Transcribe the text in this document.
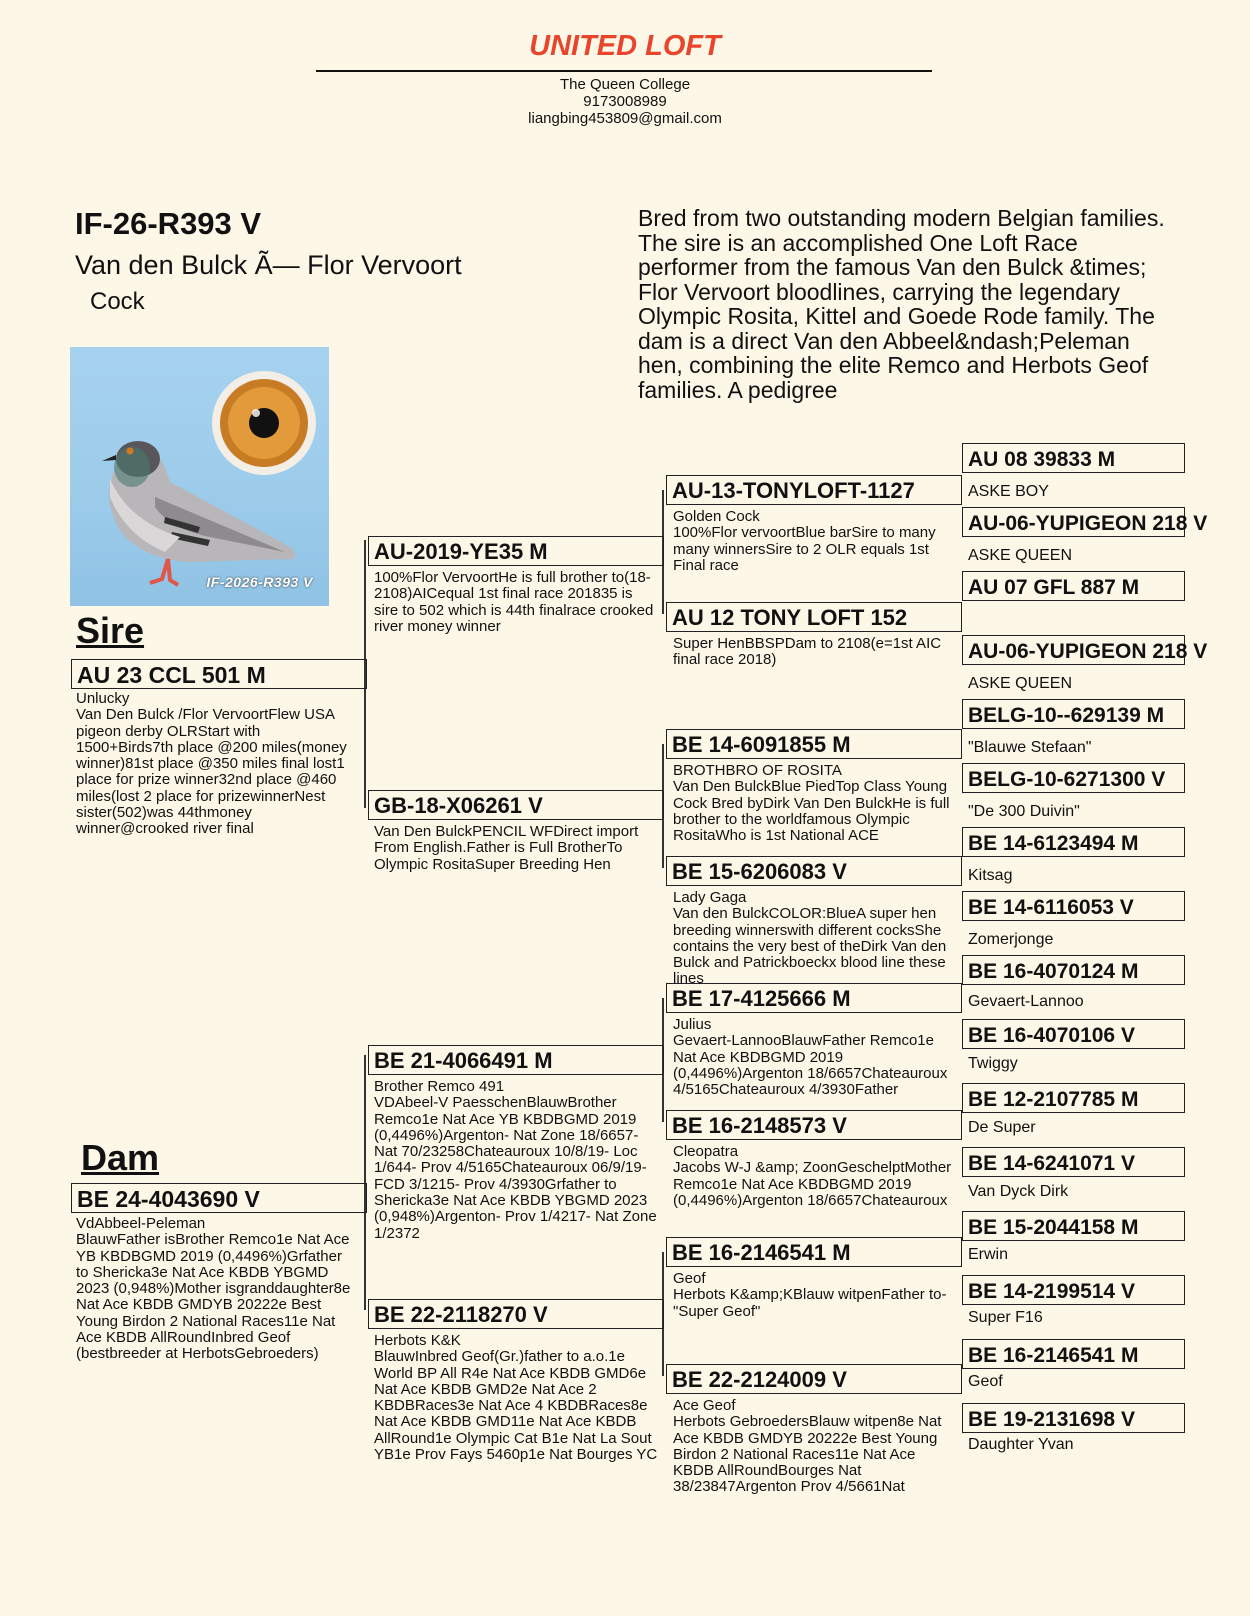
UNITED LOFT
The Queen College
9173008989
liangbing453809@gmail.com
IF-26-R393 V
Van den Bulck Ã— Flor Vervoort
Cock
Bred from two outstanding modern Belgian families. The sire is an accomplished One Loft Race performer from the famous Van den Bulck &times; Flor Vervoort bloodlines, carrying the legendary Olympic Rosita, Kittel and Goede Rode family. The dam is a direct Van den Abbeel&ndash;Peleman hen, combining the elite Remco and Herbots Geof families. A pedigree
IF-2026-R393 V
Sire
Dam
AU 23 CCL 501 M
Unlucky
Van Den Bulck /Flor VervoortFlew USA pigeon derby OLRStart with 1500+Birds7th place @200 miles(money winner)81st place @350 miles final lost1 place for prize winner32nd place @460 miles(lost 2 place for prizewinnerNest sister(502)was 44thmoney winner@crooked river final
BE 24-4043690 V
VdAbbeel-Peleman
BlauwFather isBrother Remco1e Nat Ace YB KBDBGMD 2019 (0,4496%)Grfather to Shericka3e Nat Ace KBDB YBGMD 2023 (0,948%)Mother isgranddaughter8e Nat Ace KBDB GMDYB 20222e Best Young Birdon 2 National Races11e Nat Ace KBDB AllRoundInbred Geof (bestbreeder at HerbotsGebroeders)
AU-2019-YE35 M
100%Flor VervoortHe is full brother to(18-2108)AICequal 1st final race 201835 is sire to 502 which is 44th finalrace crooked river money winner
GB-18-X06261 V
Van Den BulckPENCIL WFDirect import From English.Father is Full BrotherTo Olympic RositaSuper Breeding Hen
BE 21-4066491 M
Brother Remco 491
VDAbeel-V PaesschenBlauwBrother Remco1e Nat Ace YB KBDBGMD 2019 (0,4496%)Argenton- Nat Zone 18/6657- Nat 70/23258Chateauroux 10/8/19- Loc 1/644- Prov 4/5165Chateauroux 06/9/19- FCD 3/1215- Prov 4/3930Grfather to Shericka3e Nat Ace KBDB YBGMD 2023 (0,948%)Argenton- Prov 1/4217- Nat Zone 1/2372
BE 22-2118270 V
Herbots K&K
BlauwInbred Geof(Gr.)father to a.o.1e World BP All R4e Nat Ace KBDB GMD6e Nat Ace KBDB GMD2e Nat Ace 2 KBDBRaces3e Nat Ace 4 KBDBRaces8e Nat Ace KBDB GMD11e Nat Ace KBDB AllRound1e Olympic Cat B1e Nat La Sout YB1e Prov Fays 5460p1e Nat Bourges YC
AU-13-TONYLOFT-1127
Golden Cock
100%Flor vervoortBlue barSire to many many winnersSire to 2 OLR equals 1st Final race
AU 12 TONY LOFT 152
Super HenBBSPDam to 2108(e=1st AIC final race 2018)
BE 14-6091855 M
BROTHBRO OF ROSITA
Van Den BulckBlue PiedTop Class Young Cock Bred byDirk Van Den BulckHe is full brother to the worldfamous Olympic RositaWho is 1st National ACE
BE 15-6206083 V
Lady Gaga
Van den BulckCOLOR:BlueA super hen breeding winnerswith different cocksShe contains the very best of theDirk Van den Bulck and Patrickboeckx blood line these lines
BE 17-4125666 M
Julius
Gevaert-LannooBlauwFather Remco1e Nat Ace KBDBGMD 2019 (0,4496%)Argenton 18/6657Chateauroux 4/5165Chateauroux 4/3930Father
BE 16-2148573 V
Cleopatra
Jacobs W-J &amp; ZoonGeschelptMother Remco1e Nat Ace KBDBGMD 2019 (0,4496%)Argenton 18/6657Chateauroux
BE 16-2146541 M
Geof
Herbots K&amp;KBlauw witpenFather to- "Super Geof"
BE 22-2124009 V
Ace Geof
Herbots GebroedersBlauw witpen8e Nat Ace KBDB GMDYB 20222e Best Young Birdon 2 National Races11e Nat Ace KBDB AllRoundBourges Nat 38/23847Argenton Prov 4/5661Nat
AU 08 39833 M
ASKE BOY
AU-06-YUPIGEON 218 V
ASKE QUEEN
AU 07 GFL 887 M
AU-06-YUPIGEON 218 V
ASKE QUEEN
BELG-10--629139 M
"Blauwe Stefaan"
BELG-10-6271300 V
"De 300 Duivin"
BE 14-6123494 M
Kitsag
BE 14-6116053 V
Zomerjonge
BE 16-4070124 M
Gevaert-Lannoo
BE 16-4070106 V
Twiggy
BE 12-2107785 M
De Super
BE 14-6241071 V
Van Dyck Dirk
BE 15-2044158 M
Erwin
BE 14-2199514 V
Super F16
BE 16-2146541 M
Geof
BE 19-2131698 V
Daughter Yvan
